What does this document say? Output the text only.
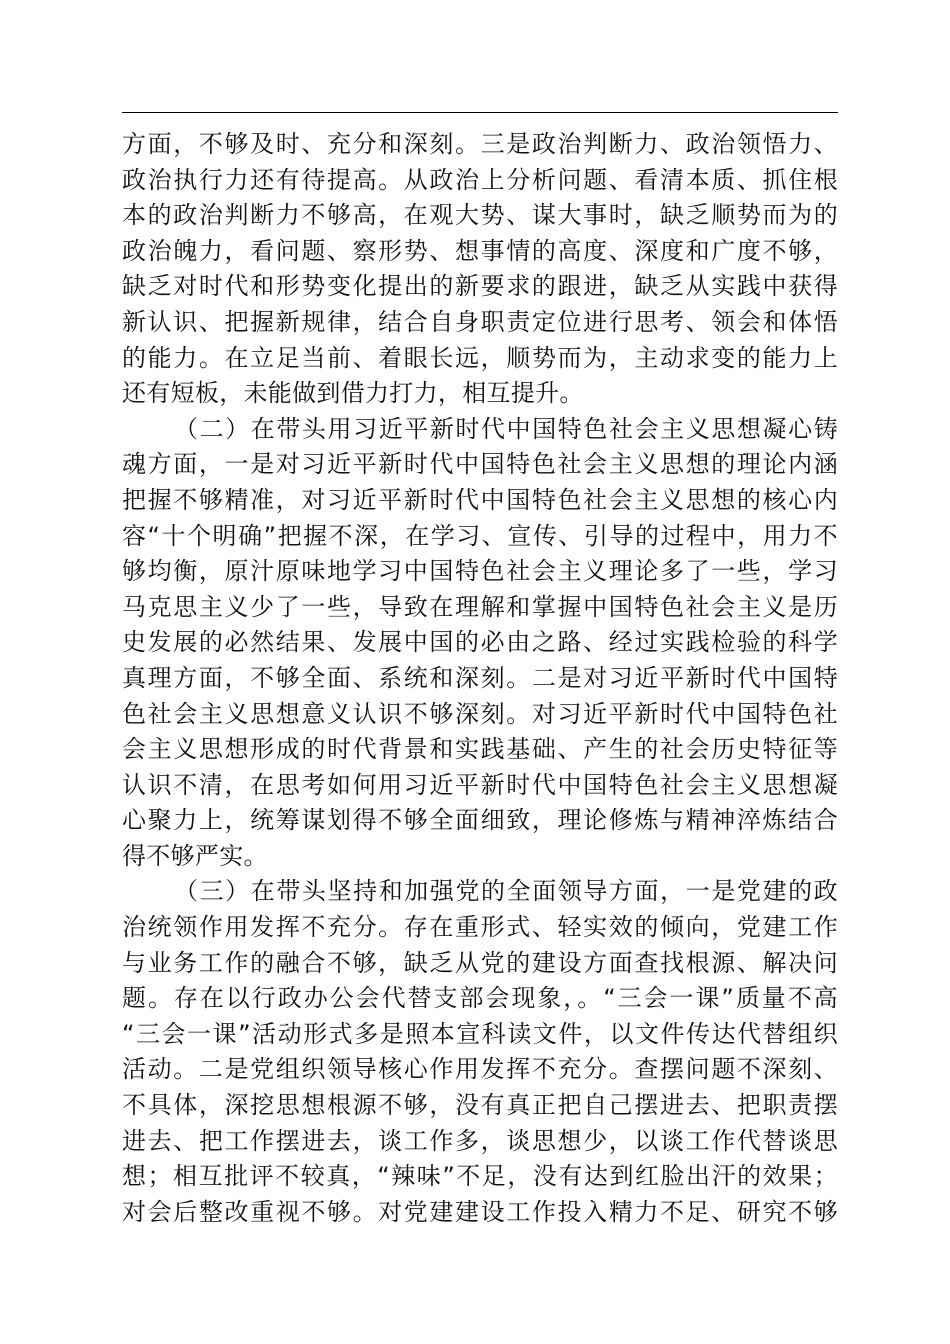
方面，不够及时、充分和深刻。三是政治判断力、政治领悟力、
政治执行力还有待提高。从政治上分析问题、看清本质、抓住根
本的政治判断力不够高，在观大势、谋大事时，缺乏顺势而为的
政治魄力，看问题、察形势、想事情的高度、深度和广度不够，
缺乏对时代和形势变化提出的新要求的跟进，缺乏从实践中获得
新认识、把握新规律，结合自身职责定位进行思考、领会和体悟
的能力。在立足当前、着眼长远，顺势而为，主动求变的能力上
还有短板，未能做到借力打力，相互提升。
（二）在带头用习近平新时代中国特色社会主义思想凝心铸
魂方面，一是对习近平新时代中国特色社会主义思想的理论内涵
把握不够精准，对习近平新时代中国特色社会主义思想的核心内
容“十个明确”把握不深，在学习、宣传、引导的过程中，用力不
够均衡，原汁原味地学习中国特色社会主义理论多了一些，学习
马克思主义少了一些，导致在理解和掌握中国特色社会主义是历
史发展的必然结果、发展中国的必由之路、经过实践检验的科学
真理方面，不够全面、系统和深刻。二是对习近平新时代中国特
色社会主义思想意义认识不够深刻。对习近平新时代中国特色社
会主义思想形成的时代背景和实践基础、产生的社会历史特征等
认识不清，在思考如何用习近平新时代中国特色社会主义思想凝
心聚力上，统筹谋划得不够全面细致，理论修炼与精神淬炼结合
得不够严实。
（三）在带头坚持和加强党的全面领导方面，一是党建的政
治统领作用发挥不充分。存在重形式、轻实效的倾向，党建工作
与业务工作的融合不够，缺乏从党的建设方面查找根源、解决问
题。存在以行政办公会代替支部会现象，。“三会一课”质量不高
“三会一课”活动形式多是照本宣科读文件，以文件传达代替组织
活动。二是党组织领导核心作用发挥不充分。查摆问题不深刻、
不具体，深挖思想根源不够，没有真正把自己摆进去、把职责摆
进去、把工作摆进去，谈工作多，谈思想少，以谈工作代替谈思
想；相互批评不较真，“辣味”不足，没有达到红脸出汗的效果；
对会后整改重视不够。对党建建设工作投入精力不足、研究不够
